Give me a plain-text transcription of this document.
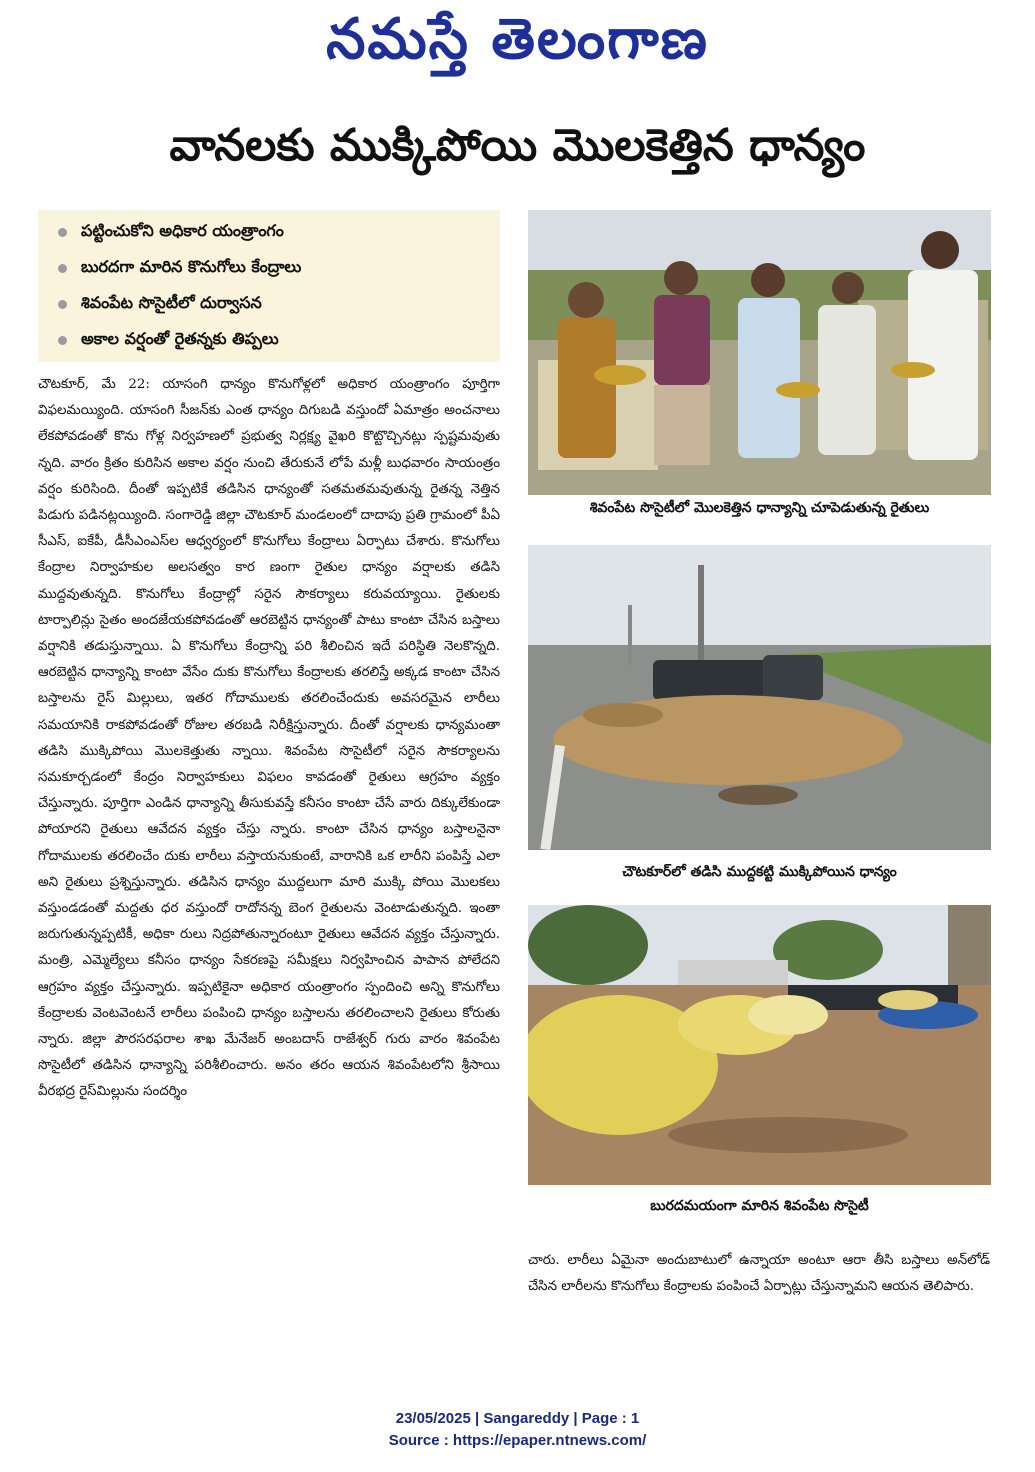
నమస్తే తెలంగాణ
వానలకు ముక్కిపోయి మొలకెత్తిన ధాన్యం
పట్టించుకోని అధికార యంత్రాంగం
బురదగా మారిన కొనుగోలు కేంద్రాలు
శివంపేట సొసైటీలో దుర్వాసన
అకాల వర్షంతో రైతన్నకు తిప్పలు
చౌటకూర్, మే 22: యాసంగి ధాన్యం కొనుగోళ్లలో అధికార యంత్రాంగం పూర్తిగా విఫలమయ్యింది. యాసంగి సీజన్‌కు ఎంత ధాన్యం దిగుబడి వస్తుందో ఏమాత్రం అంచనాలు లేకపోవడంతో కొను గోళ్ల నిర్వహణలో ప్రభుత్వ నిర్లక్ష్య వైఖరి కొట్టొచ్చినట్లు స్పష్టమవుతు న్నది. వారం క్రితం కురిసిన అకాల వర్షం నుంచి తేరుకునే లోపే మళ్లీ బుధవారం సాయంత్రం వర్షం కురిసింది. దీంతో ఇప్పటికే తడిసిన ధాన్యంతో సతమతమవుతున్న రైతన్న నెత్తిన పిడుగు పడినట్లయ్యింది. సంగారెడ్డి జిల్లా చౌటకూర్ మండలంలో దాదాపు ప్రతి గ్రామంలో పీఏ సీఎస్, ఐకేపీ, డీసీఎంఎస్‌ల ఆధ్వర్యంలో కొనుగోలు కేంద్రాలు ఏర్పాటు చేశారు. కొనుగోలు కేంద్రాల నిర్వాహకుల అలసత్వం కార ణంగా రైతుల ధాన్యం వర్షాలకు తడిసి ముద్దవుతున్నది. కొనుగోలు కేంద్రాల్లో సరైన సౌకర్యాలు కరువయ్యాయి. రైతులకు టార్పాలిన్లు సైతం అందజేయకపోవడంతో ఆరబెట్టిన ధాన్యంతో పాటు కాంటా చేసిన బస్తాలు వర్షానికి తడుస్తున్నాయి. ఏ కొనుగోలు కేంద్రాన్ని పరి శీలించిన ఇదే పరిస్థితి నెలకొన్నది. ఆరబెట్టిన ధాన్యాన్ని కాంటా వేసేం దుకు కొనుగోలు కేంద్రాలకు తరలిస్తే అక్కడ కాంటా చేసిన బస్తాలను రైస్ మిల్లులు, ఇతర గోదాములకు తరలించేందుకు అవసరమైన లారీలు సమయానికి రాకపోవడంతో రోజుల తరబడి నిరీక్షిస్తున్నారు. దీంతో వర్షాలకు ధాన్యమంతా తడిసి ముక్కిపోయి మొలకెత్తుతు న్నాయి. శివంపేట సొసైటీలో సరైన సౌకర్యాలను సమకూర్చడంలో కేంద్రం నిర్వాహకులు విఫలం కావడంతో రైతులు ఆగ్రహం వ్యక్తం చేస్తున్నారు. పూర్తిగా ఎండిన ధాన్యాన్ని తీసుకువస్తే కనీసం కాంటా చేసే వారు దిక్కులేకుండా పోయారని రైతులు ఆవేదన వ్యక్తం చేస్తు న్నారు. కాంటా చేసిన ధాన్యం బస్తాలనైనా గోదాములకు తరలించేం దుకు లారీలు వస్తాయనుకుంటే, వారానికి ఒక లారీని పంపిస్తే ఎలా అని రైతులు ప్రశ్నిస్తున్నారు. తడిసిన ధాన్యం ముద్దలుగా మారి ముక్కి పోయి మొలకలు వస్తుండడంతో మద్దతు ధర వస్తుందో రాదోనన్న బెంగ రైతులను వెంటాడుతున్నది. ఇంతా జరుగుతున్నప్పటికీ, అధికా రులు నిద్రపోతున్నారంటూ రైతులు ఆవేదన వ్యక్తం చేస్తున్నారు. మంత్రి, ఎమ్మెల్యేలు కనీసం ధాన్యం సేకరణపై సమీక్షలు నిర్వహించిన పాపాన పోలేదని ఆగ్రహం వ్యక్తం చేస్తున్నారు. ఇప్పటికైనా అధికార యంత్రాంగం స్పందించి అన్ని కొనుగోలు కేంద్రాలకు వెంటవెంటనే లారీలు పంపించి ధాన్యం బస్తాలను తరలించాలని రైతులు కోరుతు న్నారు. జిల్లా పౌరసరఫరాల శాఖ మేనేజర్ అంబదాస్ రాజేశ్వర్ గురు వారం శివంపేట సొసైటీలో తడిసిన ధాన్యాన్ని పరిశీలించారు. అనం తరం ఆయన శివంపేటలోని శ్రీసాయి వీరభద్ర రైస్‌మిల్లును సందర్శిం
శివంపేట సొసైటీలో మొలకెత్తిన ధాన్యాన్ని చూపెడుతున్న రైతులు
చౌటకూర్‌లో తడిసి ముద్దకట్టి ముక్కిపోయిన ధాన్యం
బురదమయంగా మారిన శివంపేట సొసైటీ
చారు. లారీలు ఏమైనా అందుబాటులో ఉన్నాయా అంటూ ఆరా తీసి బస్తాలు అన్‌లోడ్ చేసిన లారీలను కొనుగోలు కేంద్రాలకు పంపించే ఏర్పాట్లు చేస్తున్నామని ఆయన తెలిపారు.
23/05/2025 | Sangareddy | Page : 1
Source : https://epaper.ntnews.com/
